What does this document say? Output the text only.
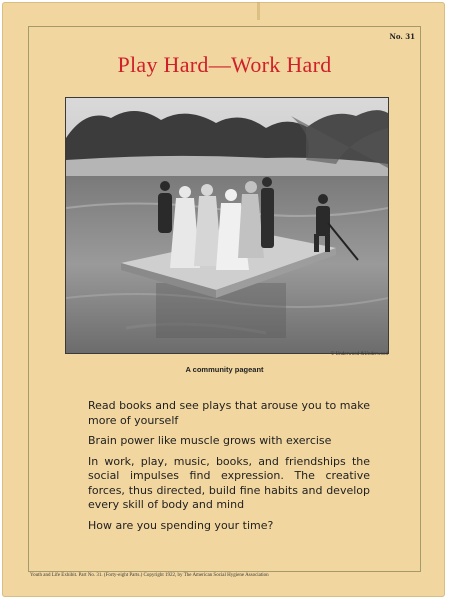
No. 31
Play Hard—Work Hard
© Underwood &Underwood
A community pageant

Read books and see plays that arouse you to make more of yourself

Brain power like muscle grows with exercise

In work, play, music, books, and friendships the social impulses find expression. The creative forces, thus directed, build fine habits and develop every skill of body and mind

How are you spending your time?

Youth and Life Exhibit. Part No. 31. (Forty-eight Parts.) Copyright 1922, by The American Social Hygiene Association
